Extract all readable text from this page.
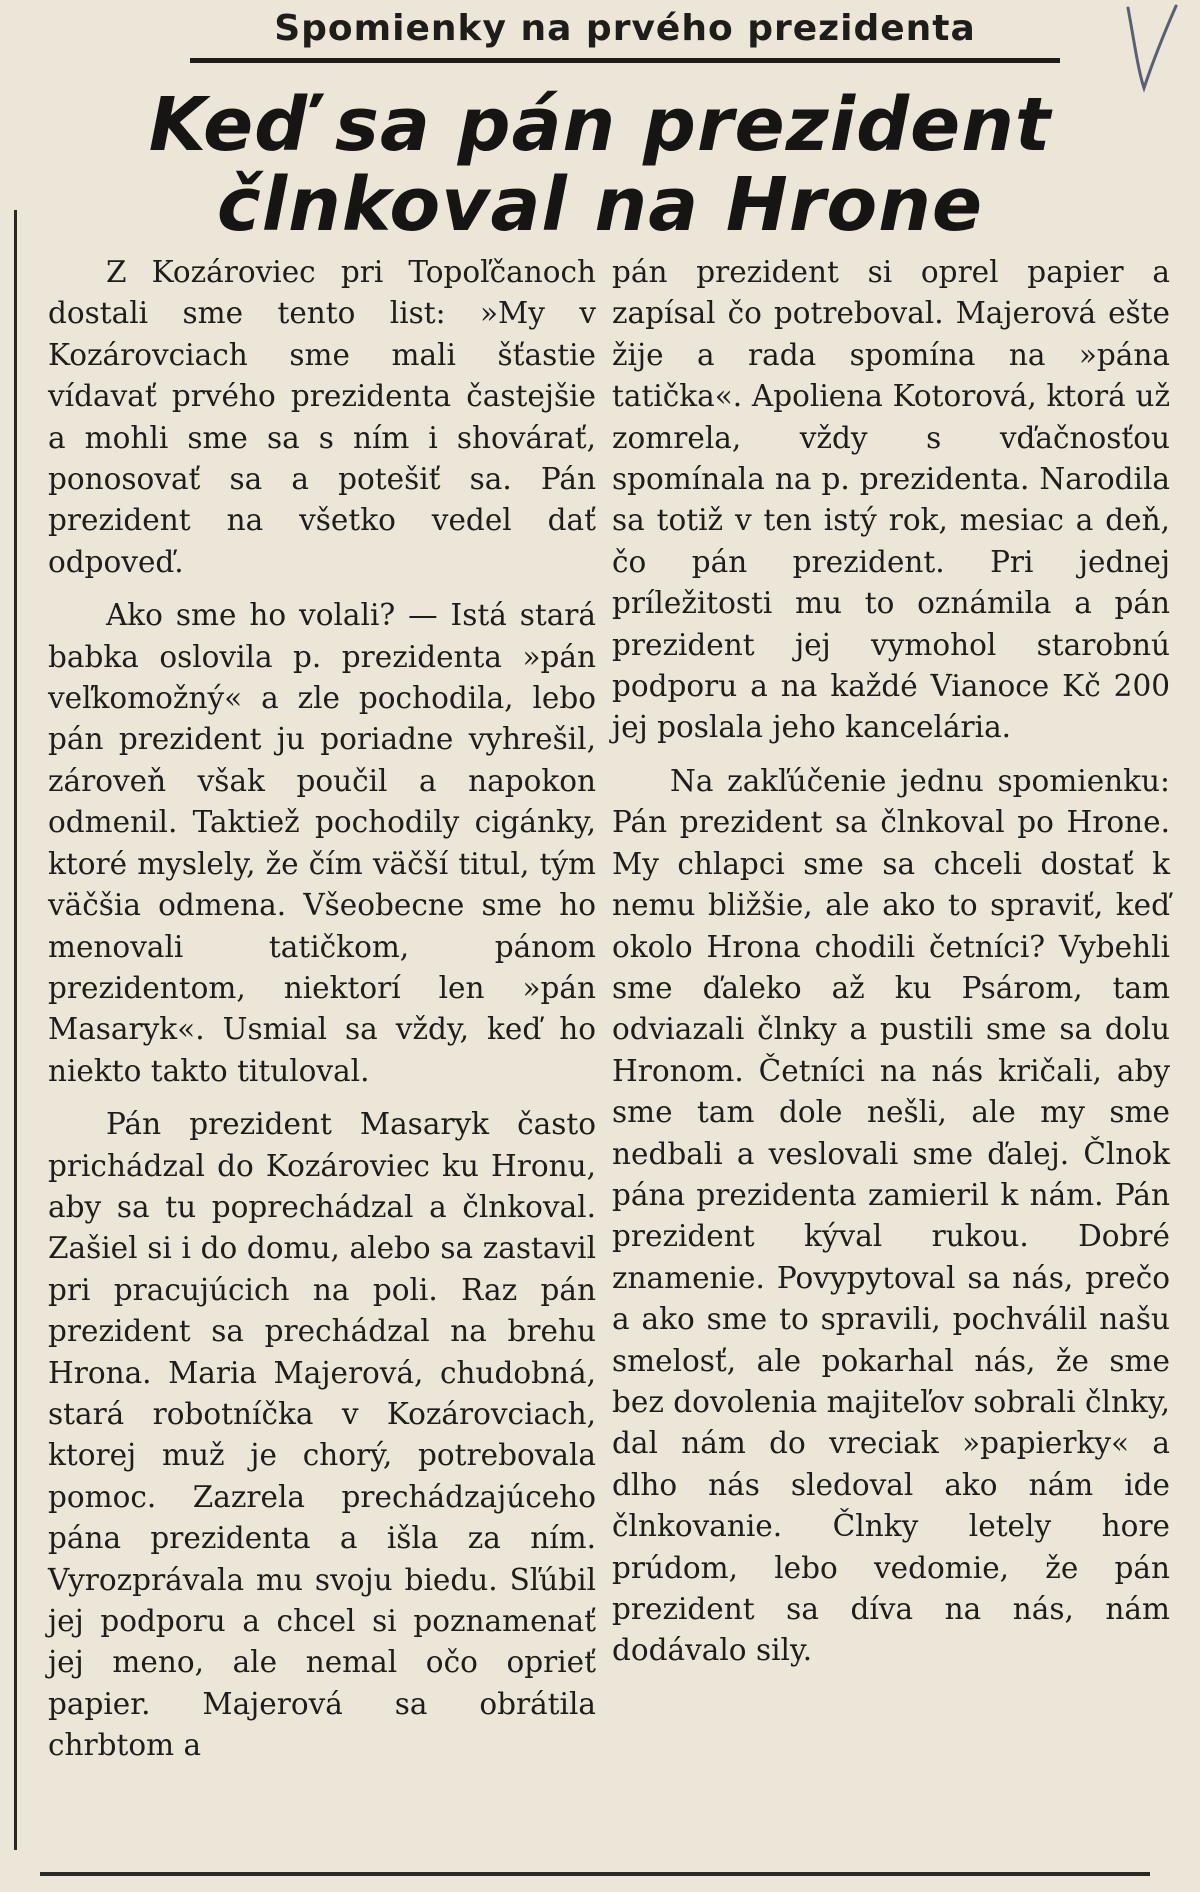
Spomienky na prvého prezidenta
Keď sa pán prezident
člnkoval na Hrone

Z Kozároviec pri Topoľčanoch dostali sme tento list: »My v Kozárovciach sme mali šťastie vídavať prvého prezidenta častejšie a mohli sme sa s ním i shovárať, ponosovať sa a potešiť sa. Pán prezident na všetko vedel dať odpoveď.

Ako sme ho volali? — Istá stará babka oslovila p. prezidenta »pán veľkomožný« a zle pochodila, lebo pán prezident ju poriadne vyhrešil, zároveň však poučil a napokon odmenil. Taktiež pochodily cigánky, ktoré myslely, že čím väčší titul, tým väčšia odmena. Všeobecne sme ho menovali tatičkom, pánom prezidentom, niektorí len »pán Masaryk«. Usmial sa vždy, keď ho niekto takto tituloval.

Pán prezident Masaryk často prichádzal do Kozároviec ku Hronu, aby sa tu poprechádzal a člnkoval. Zašiel si i do domu, alebo sa zastavil pri pracujúcich na poli. Raz pán prezident sa prechádzal na brehu Hrona. Maria Majerová, chudobná, stará robotníčka v Kozárovciach, ktorej muž je chorý, potrebovala pomoc. Zazrela prechádzajúceho pána prezidenta a išla za ním. Vyrozprávala mu svoju biedu. Sľúbil jej podporu a chcel si poznamenať jej meno, ale nemal očo oprieť papier. Majerová sa obrátila chrbtom a

pán prezident si oprel papier a zapísal čo potreboval. Majerová ešte žije a rada spomína na »pána tatička«. Apoliena Kotorová, ktorá už zomrela, vždy s vďačnosťou spomínala na p. prezidenta. Narodila sa totiž v ten istý rok, mesiac a deň, čo pán prezident. Pri jednej príležitosti mu to oznámila a pán prezident jej vymohol starobnú podporu a na každé Vianoce Kč 200 jej poslala jeho kancelária.

Na zakľúčenie jednu spomienku: Pán prezident sa člnkoval po Hrone. My chlapci sme sa chceli dostať k nemu bližšie, ale ako to spraviť, keď okolo Hrona chodili četníci? Vybehli sme ďaleko až ku Psárom, tam odviazali člnky a pustili sme sa dolu Hronom. Četníci na nás kričali, aby sme tam dole nešli, ale my sme nedbali a veslovali sme ďalej. Člnok pána prezidenta zamieril k nám. Pán prezident kýval rukou. Dobré znamenie. Povypytoval sa nás, prečo a ako sme to spravili, pochválil našu smelosť, ale pokarhal nás, že sme bez dovolenia majiteľov sobrali člnky, dal nám do vreciak »papierky« a dlho nás sledoval ako nám ide člnkovanie. Člnky letely hore prúdom, lebo vedomie, že pán prezident sa díva na nás, nám dodávalo sily.
